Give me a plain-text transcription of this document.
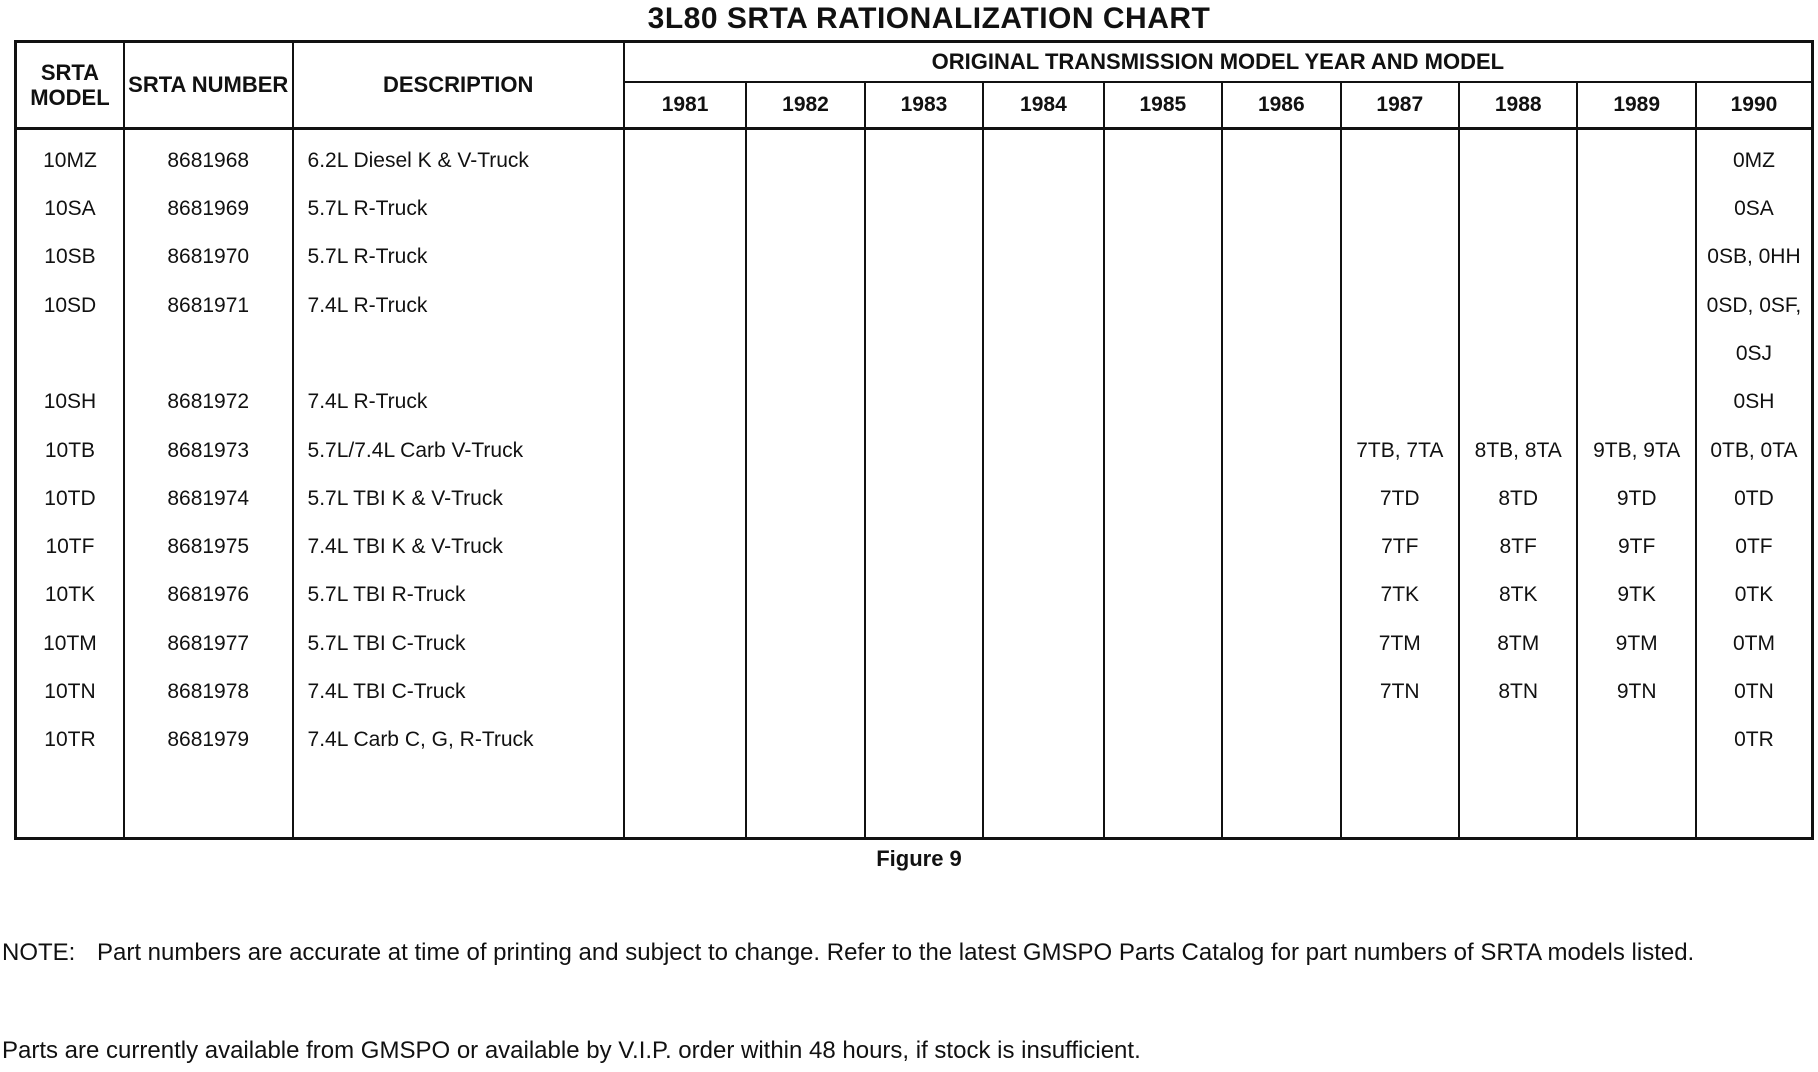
3L80 SRTA RATIONALIZATION CHART
SRTA MODEL	SRTA NUMBER	DESCRIPTION	ORIGINAL TRANSMISSION MODEL YEAR AND MODEL									
			1981	1982	1983	1984	1985	1986	1987	1988	1989	1990
10MZ	8681968	6.2L Diesel K & V-Truck										0MZ
10SA	8681969	5.7L R-Truck										0SA
10SB	8681970	5.7L R-Truck										0SB, 0HH
10SD	8681971	7.4L R-Truck										0SD, 0SF,
												0SJ
10SH	8681972	7.4L R-Truck										0SH
10TB	8681973	5.7L/7.4L Carb V-Truck							7TB, 7TA	8TB, 8TA	9TB, 9TA	0TB, 0TA
10TD	8681974	5.7L TBI K & V-Truck							7TD	8TD	9TD	0TD
10TF	8681975	7.4L TBI K & V-Truck							7TF	8TF	9TF	0TF
10TK	8681976	5.7L TBI R-Truck							7TK	8TK	9TK	0TK
10TM	8681977	5.7L TBI C-Truck							7TM	8TM	9TM	0TM
10TN	8681978	7.4L TBI C-Truck							7TN	8TN	9TN	0TN
10TR	8681979	7.4L Carb C, G, R-Truck										0TR

Figure 9
NOTE: Part numbers are accurate at time of printing and subject to change. Refer to the latest GMSPO Parts Catalog for part numbers of SRTA models listed.
Parts are currently available from GMSPO or available by V.I.P. order within 48 hours, if stock is insufficient.
